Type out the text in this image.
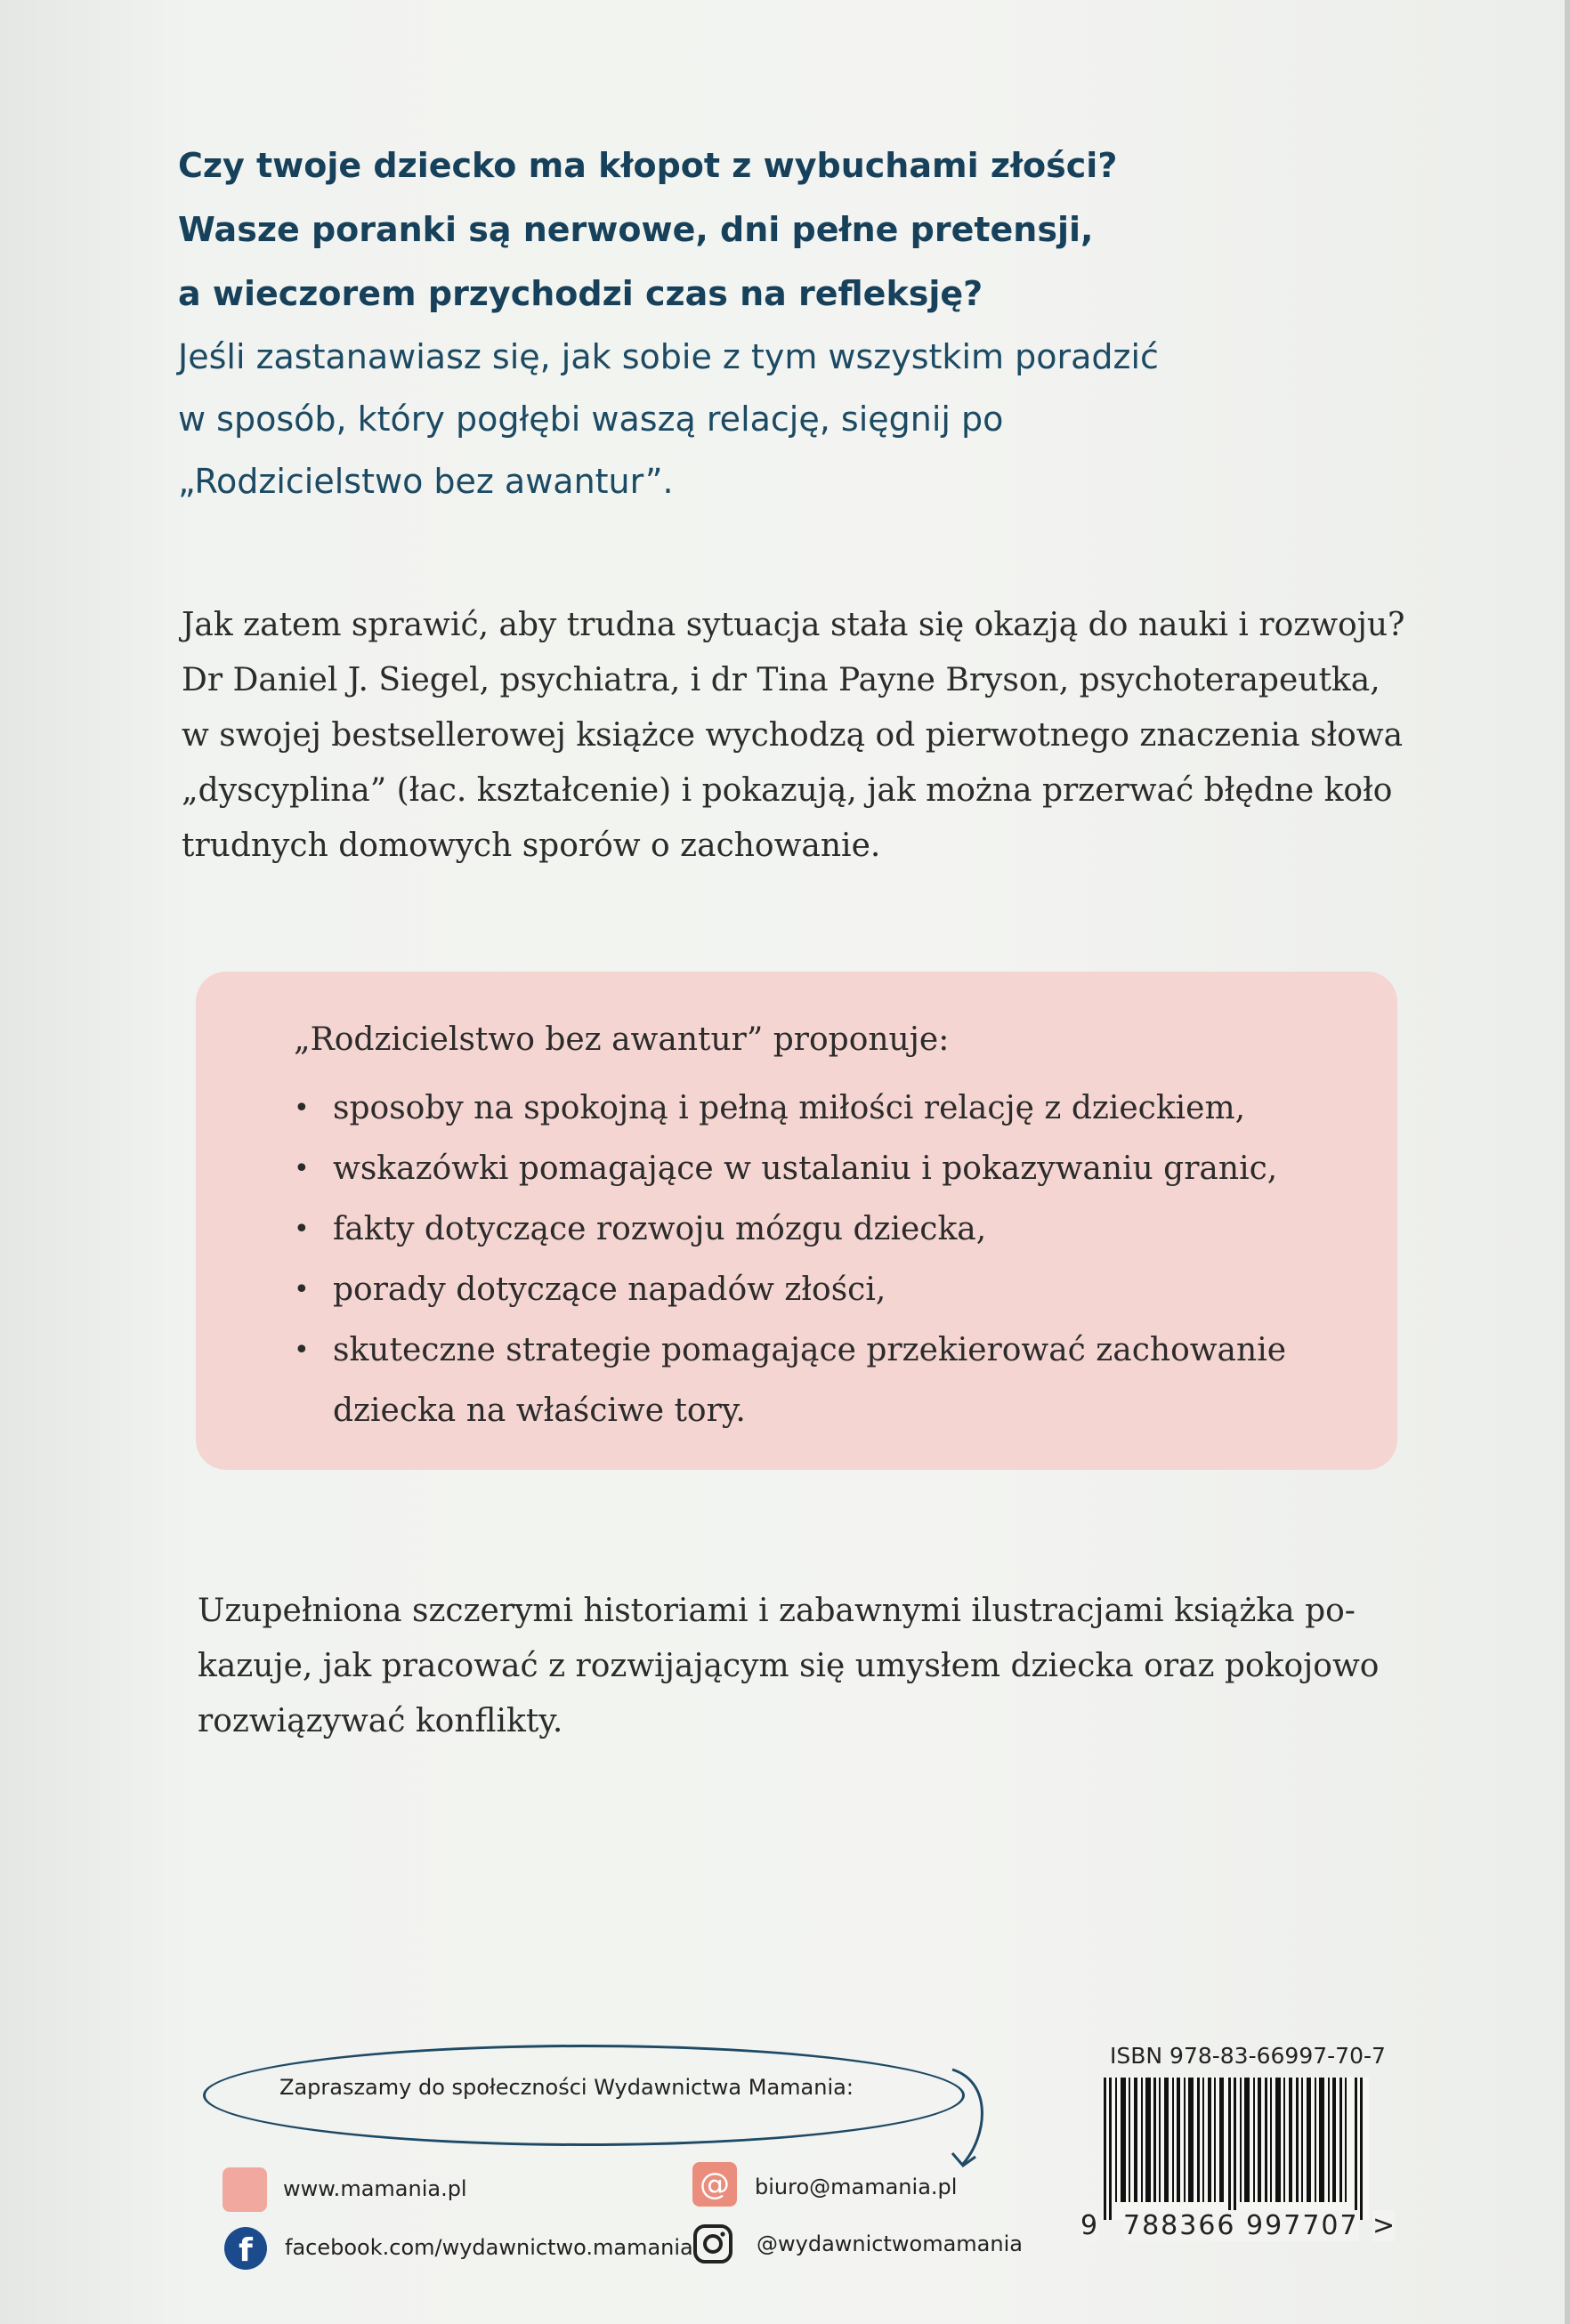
Czy twoje dziecko ma kłopot z wybuchami złości?

Wasze poranki są nerwowe, dni pełne pretensji,

a wieczorem przychodzi czas na refleksję?

Jeśli zastanawiasz się, jak sobie z tym wszystkim poradzić

w sposób, który pogłębi waszą relację, sięgnij po

„Rodzicielstwo bez awantur”.

Jak zatem sprawić, aby trudna sytuacja stała się okazją do nauki i rozwoju?
Dr Daniel J. Siegel, psychiatra, i dr Tina Payne Bryson, psychoterapeutka,
w swojej bestsellerowej książce wychodzą od pierwotnego znaczenia słowa
„dyscyplina” (łac. kształcenie) i pokazują, jak można przerwać błędne koło
trudnych domowych sporów o zachowanie.

„Rodzicielstwo bez awantur” proponuje:

• sposoby na spokojną i pełną miłości relację z dzieckiem,
• wskazówki pomagające w ustalaniu i pokazywaniu granic,
• fakty dotyczące rozwoju mózgu dziecka,
• porady dotyczące napadów złości,
• skuteczne strategie pomagające przekierować zachowanie
dziecka na właściwe tory.
Uzupełniona szczerymi historiami i zabawnymi ilustracjami książka po-
kazuje, jak pracować z rozwijającym się umysłem dziecka oraz pokojowo
rozwiązywać konflikty.
Zapraszamy do społeczności Wydawnictwa Mamania:
www.mamania.pl	@	biuro@mamania.pl
f	facebook.com/wydawnictwo.mamania	@wydawnictwomamania
ISBN 978-83-66997-70-7
9 788366 997707 >
